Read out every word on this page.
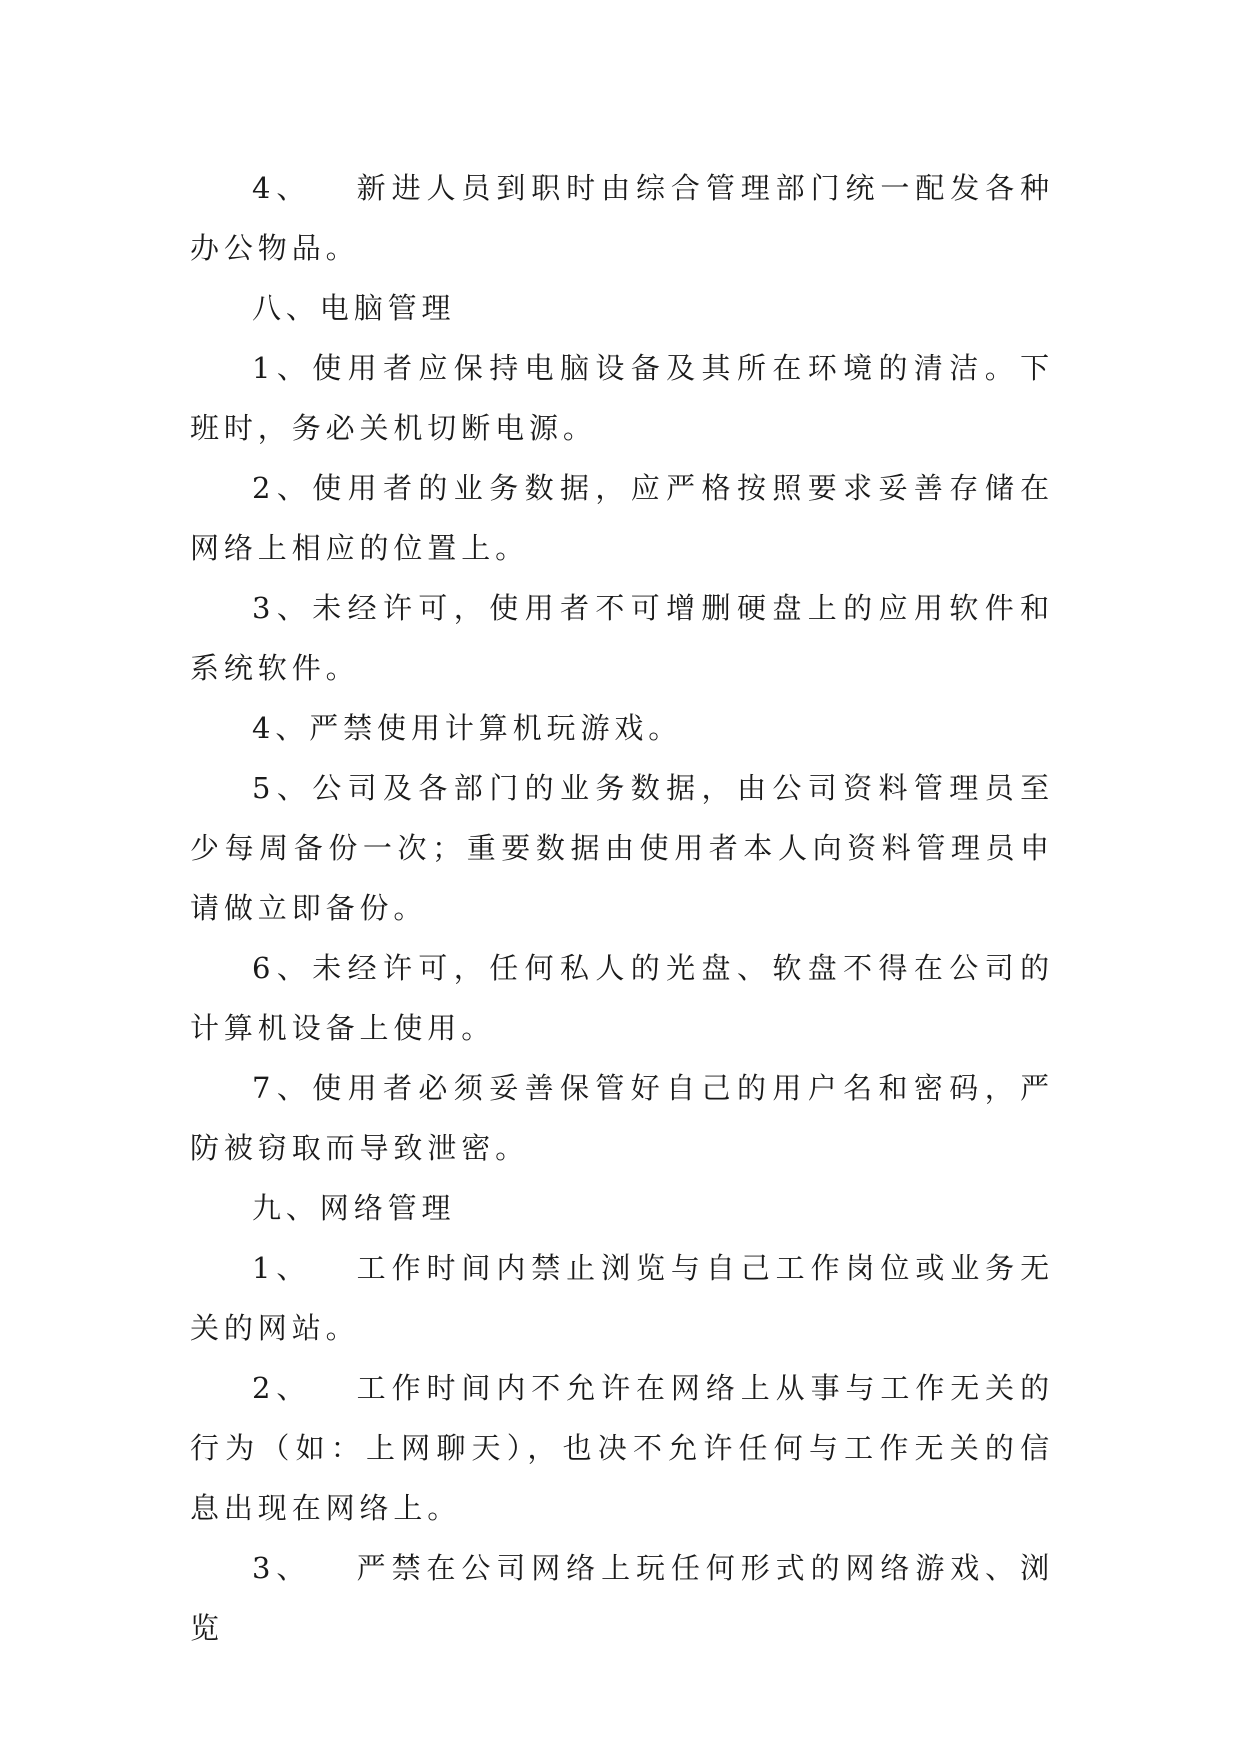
4、   新进人员到职时由综合管理部门统一配发各种办公物品。

八、电脑管理

1、使用者应保持电脑设备及其所在环境的清洁。下班时，务必关机切断电源。

2、使用者的业务数据，应严格按照要求妥善存储在网络上相应的位置上。

3、未经许可，使用者不可增删硬盘上的应用软件和系统软件。

4、严禁使用计算机玩游戏。

5、公司及各部门的业务数据，由公司资料管理员至少每周备份一次；重要数据由使用者本人向资料管理员申请做立即备份。

6、未经许可，任何私人的光盘、软盘不得在公司的计算机设备上使用。

7、使用者必须妥善保管好自己的用户名和密码，严防被窃取而导致泄密。

九、网络管理

1、   工作时间内禁止浏览与自己工作岗位或业务无关的网站。

2、   工作时间内不允许在网络上从事与工作无关的行为（如：上网聊天），也决不允许任何与工作无关的信息出现在网络上。

3、   严禁在公司网络上玩任何形式的网络游戏、浏览
